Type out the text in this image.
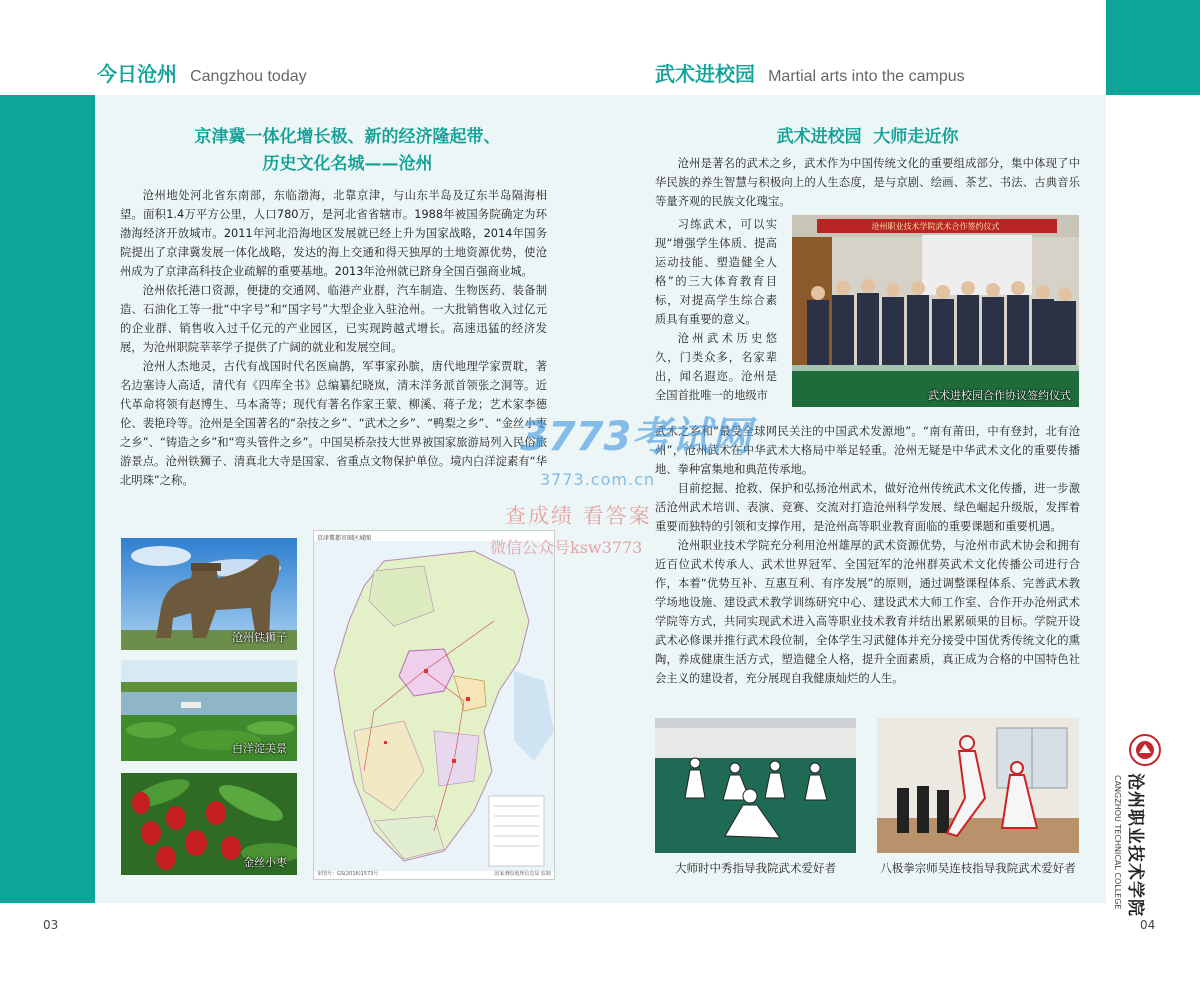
今日沧州 Cangzhou today	武术进校园 Martial arts into the campus
京津冀一体化增长极、新的经济隆起带、
历史文化名城——沧州

沧州地处河北省东南部，东临渤海，北靠京津，与山东半岛及辽东半岛隔海相望。面积1.4万平方公里，人口780万，是河北省省辖市。1988年被国务院确定为环渤海经济开放城市。2011年河北沿海地区发展就已经上升为国家战略，2014年国务院提出了京津冀发展一体化战略，发达的海上交通和得天独厚的土地资源优势，使沧州成为了京津高科技企业疏解的重要基地。2013年沧州就已跻身全国百强商业城。

沧州依托港口资源，便捷的交通网、临港产业群，汽车制造、生物医药、装备制造、石油化工等一批“中字号”和“国字号”大型企业入驻沧州。一大批销售收入过亿元的企业群、销售收入过千亿元的产业园区，已实现跨越式增长。高速迅猛的经济发展，为沧州职院莘莘学子提供了广阔的就业和发展空间。

沧州人杰地灵，古代有战国时代名医扁鹊，军事家孙膑，唐代地理学家贾耽，著名边塞诗人高适，清代有《四库全书》总编纂纪晓岚，清末洋务派首领张之洞等。近代革命将领有赵博生、马本斋等；现代有著名作家王蒙、柳溪、蒋子龙；艺术家李德伦、裴艳玲等。沧州是全国著名的“杂技之乡”、“武术之乡”、“鸭梨之乡”、“金丝小枣之乡”、“铸造之乡”和“弯头管件之乡”。中国吴桥杂技大世界被国家旅游局列入民俗旅游景点。沧州铁狮子、清真北大寺是国家、省重点文物保护单位。境内白洋淀素有“华北明珠”之称。

沧州铁狮子
白洋淀美景
金丝小枣
京津冀都市圈区域图
审图号：GS(2016)1573号	国家测绘地理信息局 监制
武术进校园  大师走近你

沧州是著名的武术之乡，武术作为中国传统文化的重要组成部分，集中体现了中华民族的养生智慧与积极向上的人生态度，是与京剧、绘画、茶艺、书法、古典音乐等量齐观的民族文化瑰宝。

习练武术，可以实现“增强学生体质、提高运动技能、塑造健全人格”的三大体育教育目标，对提高学生综合素质具有重要的意义。

沧州武术历史悠久，门类众多，名家辈出，闻名遐迩。沧州是全国首批唯一的地级市

沧州职业技术学院武术合作签约仪式
武术进校园合作协议签约仪式

武术之乡和“最受全球网民关注的中国武术发源地”。“南有莆田，中有登封，北有沧州”，沧州武术在中华武术大格局中举足轻重。沧州无疑是中华武术文化的重要传播地、拳种富集地和典范传承地。

目前挖掘、抢救、保护和弘扬沧州武术，做好沧州传统武术文化传播，进一步激活沧州武术培训、表演、竞赛、交流对打造沧州科学发展、绿色崛起升级版，发挥着重要而独特的引领和支撑作用，是沧州高等职业教育面临的重要课题和重要机遇。

沧州职业技术学院充分利用沧州雄厚的武术资源优势，与沧州市武术协会和拥有近百位武术传承人、武术世界冠军、全国冠军的沧州群英武术文化传播公司进行合作，本着“优势互补、互惠互利、有序发展”的原则，通过调整课程体系、完善武术教学场地设施、建设武术教学训练研究中心、建设武术大师工作室、合作开办沧州武术学院等方式，共同实现武术进入高等职业技术教育并结出累累硕果的目标。学院开设武术必修课并推行武术段位制，全体学生习武健体并充分接受中国优秀传统文化的熏陶，养成健康生活方式，塑造健全人格，提升全面素质，真正成为合格的中国特色社会主义的建设者，充分展现自我健康灿烂的人生。

大师时中秀指导我院武术爱好者	八极拳宗师吴连枝指导我院武术爱好者	沧州职业技术学院
CANGZHOU TECHNICAL COLLEGE
3773考试网
3773.com.cn
查成绩 看答案
微信公众号ksw3773
03	04
